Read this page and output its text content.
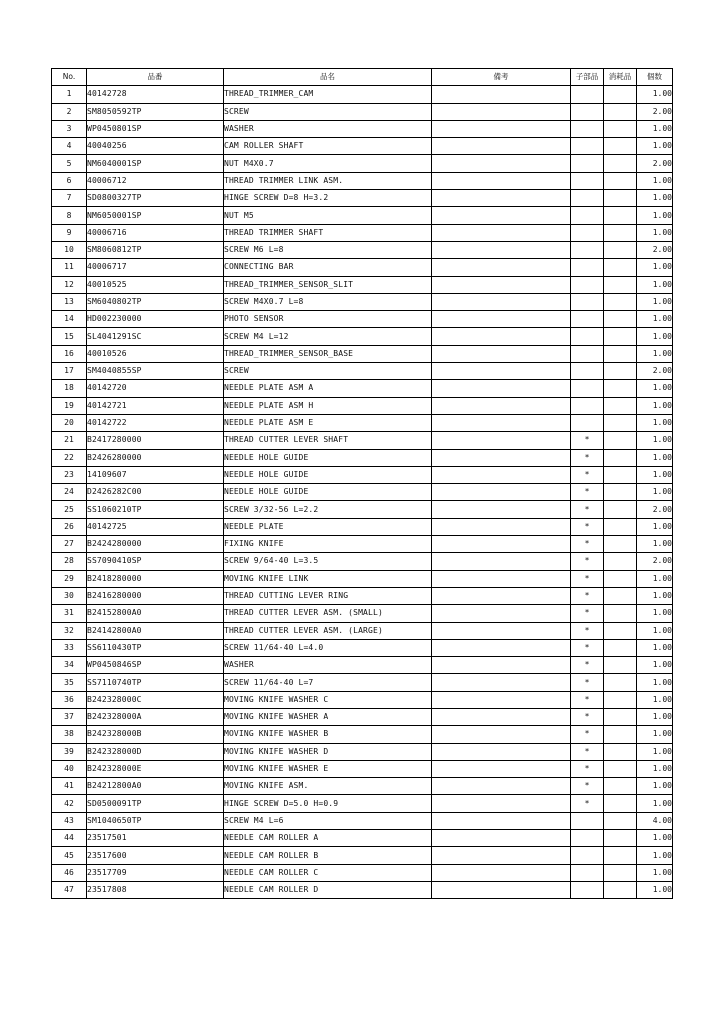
No.	品番	品名	備考	子部品	消耗品	個数
1	40142728	THREAD_TRIMMER_CAM				1.00
2	SM8050592TP	SCREW				2.00
3	WP0450801SP	WASHER				1.00
4	40040256	CAM ROLLER SHAFT				1.00
5	NM6040001SP	NUT M4X0.7				2.00
6	40006712	THREAD TRIMMER LINK ASM.				1.00
7	SD0800327TP	HINGE SCREW D=8 H=3.2				1.00
8	NM6050001SP	NUT M5				1.00
9	40006716	THREAD TRIMMER SHAFT				1.00
10	SM8060812TP	SCREW M6 L=8				2.00
11	40006717	CONNECTING BAR				1.00
12	40010525	THREAD_TRIMMER_SENSOR_SLIT				1.00
13	SM6040802TP	SCREW M4X0.7 L=8				1.00
14	HD002230000	PHOTO SENSOR				1.00
15	SL4041291SC	SCREW M4 L=12				1.00
16	40010526	THREAD_TRIMMER_SENSOR_BASE				1.00
17	SM4040855SP	SCREW				2.00
18	40142720	NEEDLE PLATE ASM A				1.00
19	40142721	NEEDLE PLATE ASM H				1.00
20	40142722	NEEDLE PLATE ASM E				1.00
21	B2417280000	THREAD CUTTER LEVER SHAFT		*		1.00
22	B2426280000	NEEDLE HOLE GUIDE		*		1.00
23	14109607	NEEDLE HOLE GUIDE		*		1.00
24	D2426282C00	NEEDLE HOLE GUIDE		*		1.00
25	SS1060210TP	SCREW 3/32-56 L=2.2		*		2.00
26	40142725	NEEDLE PLATE		*		1.00
27	B2424280000	FIXING KNIFE		*		1.00
28	SS7090410SP	SCREW 9/64-40 L=3.5		*		2.00
29	B2418280000	MOVING KNIFE LINK		*		1.00
30	B2416280000	THREAD CUTTING LEVER RING		*		1.00
31	B24152800A0	THREAD CUTTER LEVER ASM. (SMALL)		*		1.00
32	B24142800A0	THREAD CUTTER LEVER ASM. (LARGE)		*		1.00
33	SS6110430TP	SCREW 11/64-40 L=4.0		*		1.00
34	WP0450846SP	WASHER		*		1.00
35	SS7110740TP	SCREW 11/64-40 L=7		*		1.00
36	B242328000C	MOVING KNIFE WASHER C		*		1.00
37	B242328000A	MOVING KNIFE WASHER A		*		1.00
38	B242328000B	MOVING KNIFE WASHER B		*		1.00
39	B242328000D	MOVING KNIFE WASHER D		*		1.00
40	B242328000E	MOVING KNIFE WASHER E		*		1.00
41	B24212800A0	MOVING KNIFE ASM.		*		1.00
42	SD0500091TP	HINGE SCREW D=5.0 H=0.9		*		1.00
43	SM1040650TP	SCREW M4 L=6				4.00
44	23517501	NEEDLE CAM ROLLER A				1.00
45	23517600	NEEDLE CAM ROLLER B				1.00
46	23517709	NEEDLE CAM ROLLER C				1.00
47	23517808	NEEDLE CAM ROLLER D				1.00
